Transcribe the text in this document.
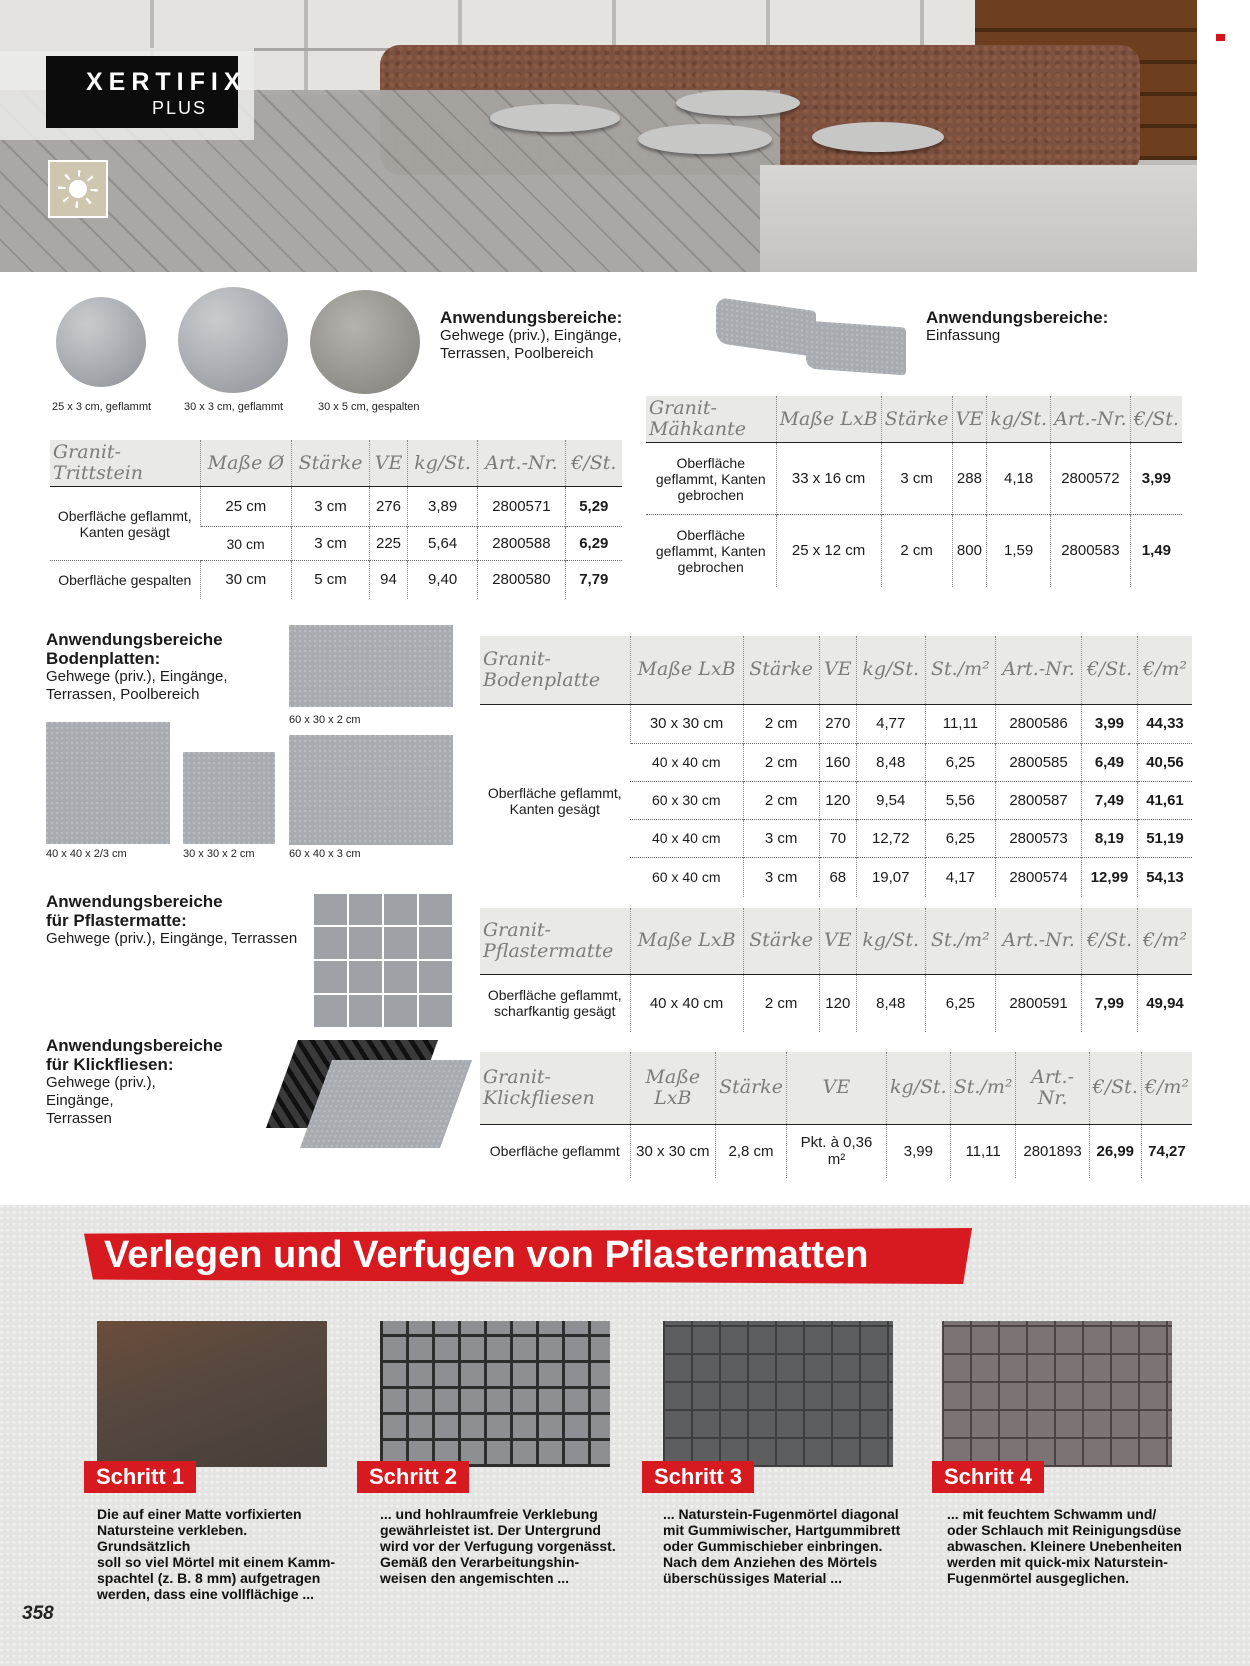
XERTIFIX
PLUS
25 x 3 cm, geflammt	30 x 3 cm, geflammt	30 x 5 cm, gespalten
Anwendungsbereiche:
Gehwege (priv.), Eingänge,
Terrassen, Poolbereich
Granit-Trittstein	Maße Ø	Stärke	VE	kg/St.	Art.-Nr.	€/St.
Oberfläche geflammt, Kanten gesägt	25 cm	3 cm	276	3,89	2800571	5,29
	30 cm	3 cm	225	5,64	2800588	6,29
Oberfläche gespalten	30 cm	5 cm	94	9,40	2800580	7,79
Anwendungsbereiche:
Einfassung
Granit-Mähkante	Maße LxB	Stärke	VE	kg/St.	Art.-Nr.	€/St.
Oberfläche geflammt, Kanten gebrochen	33 x 16 cm	3 cm	288	4,18	2800572	3,99
Oberfläche geflammt, Kanten gebrochen	25 x 12 cm	2 cm	800	1,59	2800583	1,49
Anwendungsbereiche
Bodenplatten:
Gehwege (priv.), Eingänge,
Terrassen, Poolbereich
60 x 30 x 2 cm
40 x 40 x 2/3 cm	30 x 30 x 2 cm	60 x 40 x 3 cm
Granit-Bodenplatte	Maße LxB	Stärke	VE	kg/St.	St./m²	Art.-Nr.	€/St.	€/m²
Oberfläche geflammt, Kanten gesägt	30 x 30 cm	2 cm	270	4,77	11,11	2800586	3,99	44,33
	40 x 40 cm	2 cm	160	8,48	6,25	2800585	6,49	40,56
	60 x 30 cm	2 cm	120	9,54	5,56	2800587	7,49	41,61
	40 x 40 cm	3 cm	70	12,72	6,25	2800573	8,19	51,19
	60 x 40 cm	3 cm	68	19,07	4,17	2800574	12,99	54,13
Anwendungsbereiche
für Pflastermatte:
Gehwege (priv.), Eingänge, Terrassen	Granit-Pflastermatte	Maße LxB	Stärke	VE	kg/St.	St./m²	Art.-Nr.	€/St.	€/m²
Oberfläche geflammt, scharfkantig gesägt	40 x 40 cm	2 cm	120	8,48	6,25	2800591	7,99	49,94
Anwendungsbereiche
für Klickfliesen:
Gehwege (priv.),
Eingänge,
Terrassen
Granit-Klickfliesen	Maße LxB	Stärke	VE	kg/St.	St./m²	Art.-Nr.	€/St.	€/m²
Oberfläche geflammt	30 x 30 cm	2,8 cm	Pkt. à 0,36 m²	3,99	11,11	2801893	26,99	74,27
Verlegen und Verfugen von Pflastermatten
Schritt 1	Schritt 2	Schritt 3	Schritt 4
Die auf einer Matte vorfixierten
Natursteine verkleben. Grundsätzlich
soll so viel Mörtel mit einem Kamm-
spachtel (z. B. 8 mm) aufgetragen
werden, dass eine vollflächige ...
... und hohlraumfreie Verklebung
gewährleistet ist. Der Untergrund
wird vor der Verfugung vorgenässt.
Gemäß den Verarbeitungshin-
weisen den angemischten ...
... Naturstein-Fugenmörtel diagonal
mit Gummiwischer, Hartgummibrett
oder Gummischieber einbringen.
Nach dem Anziehen des Mörtels
überschüssiges Material ...
... mit feuchtem Schwamm und/
oder Schlauch mit Reinigungsdüse
abwaschen. Kleinere Unebenheiten
werden mit quick-mix Naturstein-
Fugenmörtel ausgeglichen.
358
